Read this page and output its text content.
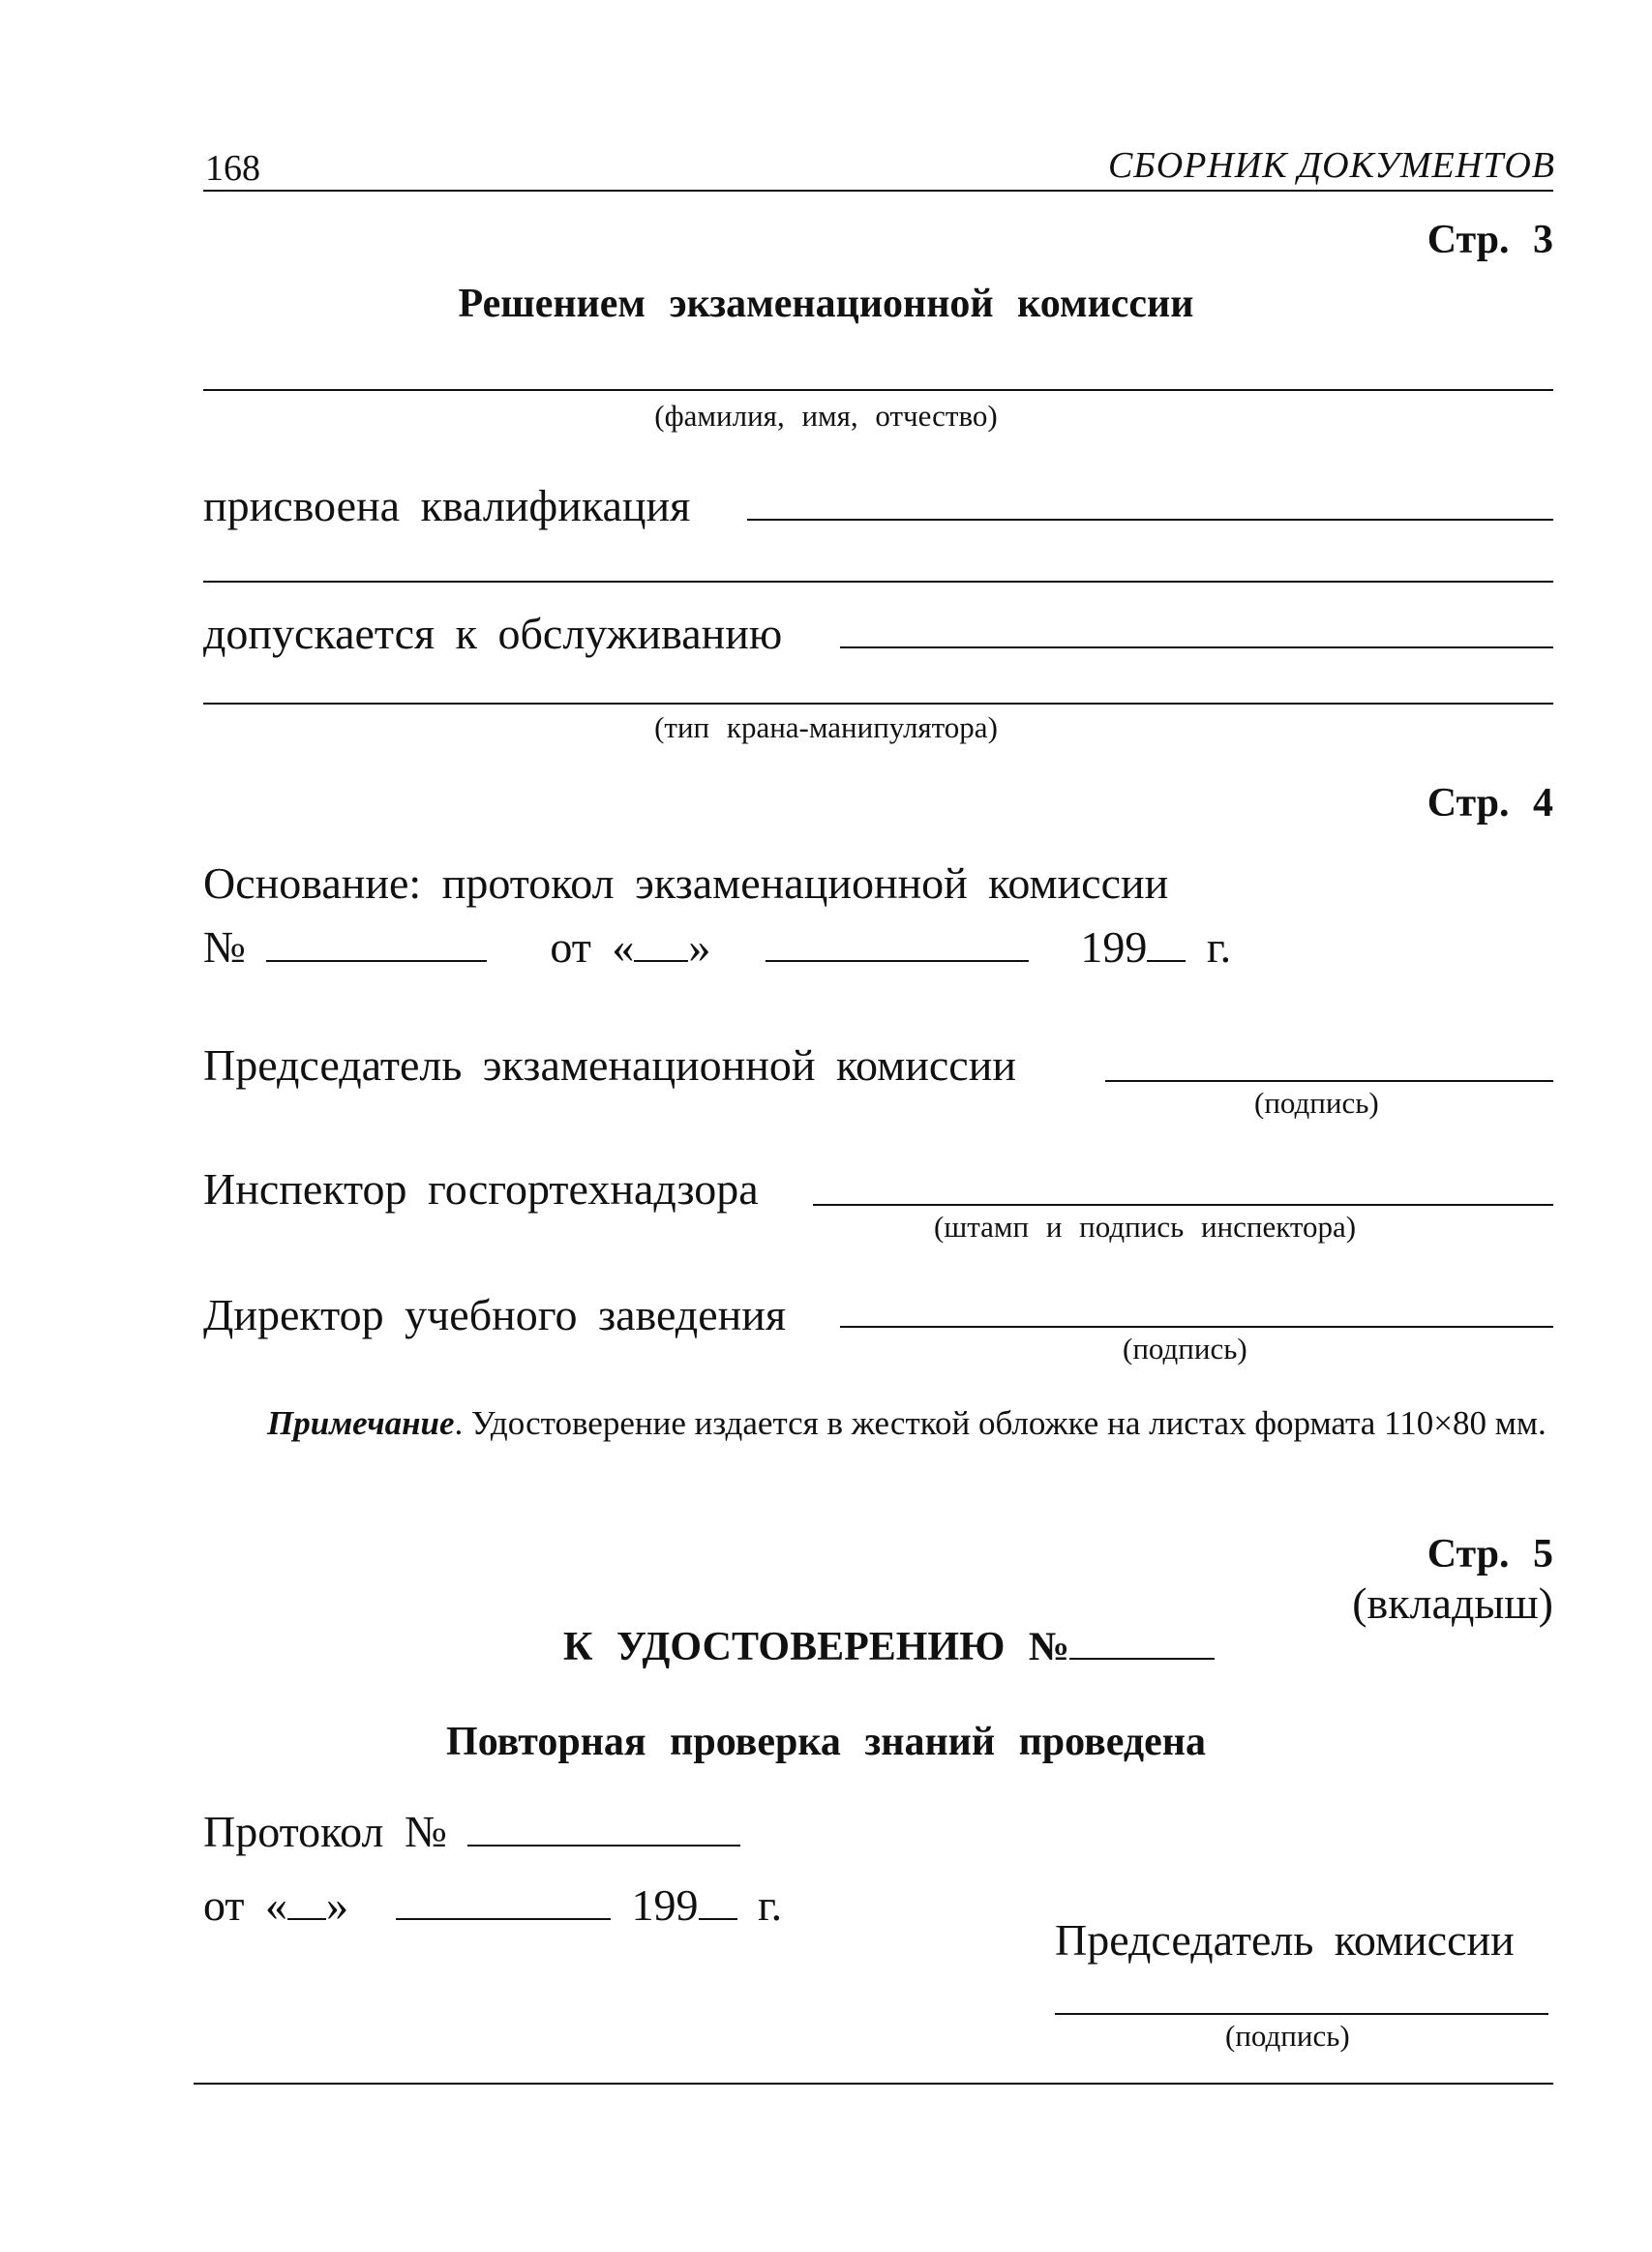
168	СБОРНИК ДОКУМЕНТОВ
Стр. 3
Решением экзаменационной комиссии
(фамилия, имя, отчество)
присвоена квалификация
допускается к обслуживанию
(тип крана-манипулятора)
Стр. 4
Основание: протокол экзаменационной комиссии
№	от « »	199 г.
Председатель экзаменационной комиссии
(подпись)
Инспектор госгортехнадзора
(штамп и подпись инспектора)
Директор учебного заведения
(подпись)
Примечание. Удостоверение издается в жесткой обложке на листах формата 110×80 мм.
Стр. 5
(вкладыш)
К УДОСТОВЕРЕНИЮ №
Повторная проверка знаний проведена
Протокол №
от « »	199 г.
Председатель комиссии
(подпись)
